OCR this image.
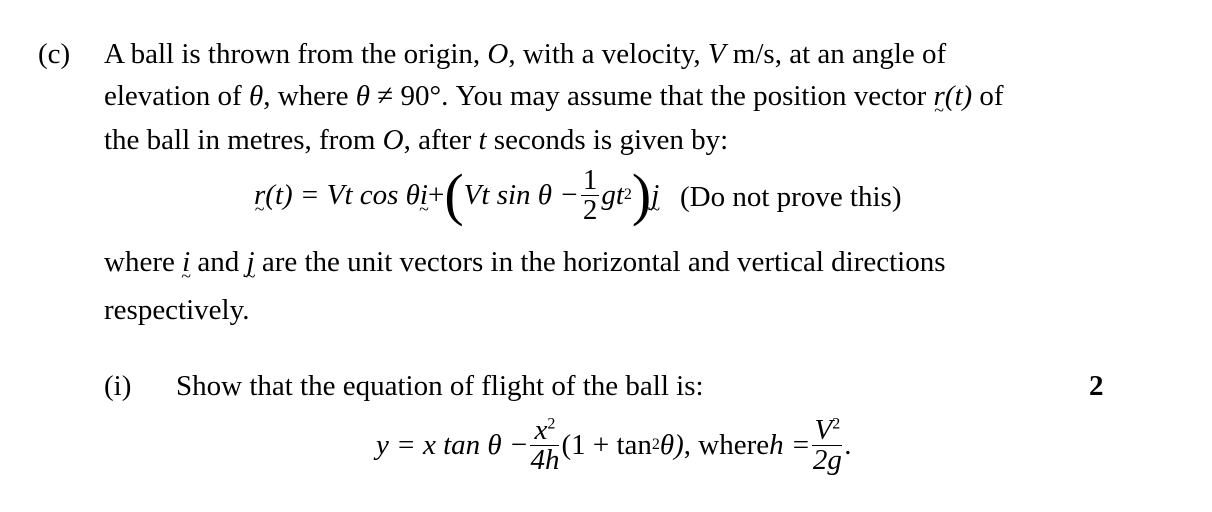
(c) A ball is thrown from the origin, O, with a velocity, V m/s, at an angle of
elevation of θ, where θ ≠ 90°. You may assume that the position vector r ~(t) of
the ball in metres, from O, after t seconds is given by:
r ~ (t) = Vt cos θ i ~ + ( Vt $\sin \theta - \frac{1}{2}$ gt 2 ) j ~ (Do not prove this)
where i ~ and j ~ are the unit vectors in the horizontal and vertical directions
respectively.
(i) Show that the equation of flight of the ball is:	2
y = x $\tan \theta - \frac{x^2}{4h} (1 + \tan 2$ θ) , where $h = \frac{V^2}{2g}$ .
